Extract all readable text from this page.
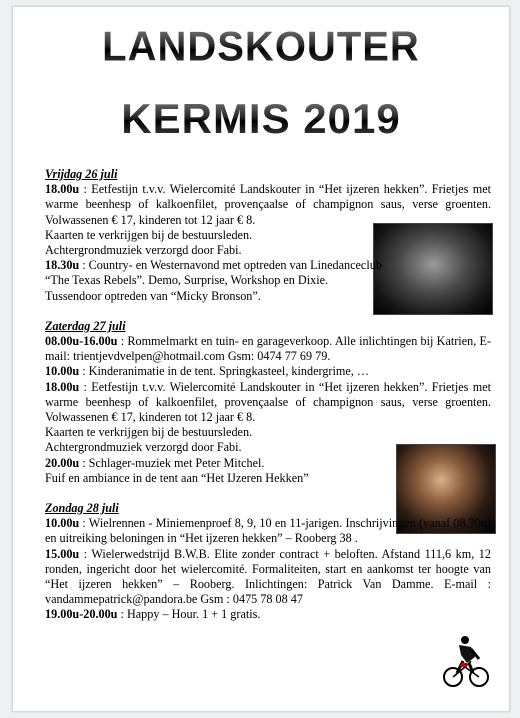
LANDSKOUTER
KERMIS 2019
Vrijdag 26 juli
18.00u : Eetfestijn t.v.v. Wielercomité Landskouter in “Het ijzeren hekken”. Frietjes met warme beenhesp of kalkoenfilet, provençaalse of champignon saus, verse groenten. Volwassenen € 17, kinderen tot 12 jaar € 8.
Kaarten te verkrijgen bij de bestuursleden.
Achtergrondmuziek verzorgd door Fabi.
18.30u : Country- en Westernavond met optreden van Linedanceclub “The Texas Rebels”. Demo, Surprise, Workshop en Dixie. Tussendoor optreden van “Micky Bronson”.
Zaterdag 27 juli
08.00u-16.00u : Rommelmarkt en tuin- en garageverkoop. Alle inlichtingen bij Katrien, E-mail: trientjevdvelpen@hotmail.com Gsm: 0474 77 69 79.
10.00u : Kinderanimatie in de tent. Springkasteel, kindergrime, …
18.00u : Eetfestijn t.v.v. Wielercomité Landskouter in “Het ijzeren hekken”. Frietjes met warme beenhesp of kalkoenfilet, provençaalse of champignon saus, verse groenten. Volwassenen € 17, kinderen tot 12 jaar € 8.
Kaarten te verkrijgen bij de bestuursleden.
Achtergrondmuziek verzorgd door Fabi.
20.00u : Schlager-muziek met Peter Mitchel.
Fuif en ambiance in de tent aan “Het IJzeren Hekken”
Zondag 28 juli
10.00u : Wielrennen - Miniemenproef 8, 9, 10 en 11-jarigen. Inschrijvingen (vanaf 08.30u) en uitreiking beloningen in “Het ijzeren hekken” – Rooberg 38 .
15.00u : Wielerwedstrijd B.W.B. Elite zonder contract + beloften. Afstand 111,6 km, 12 ronden, ingericht door het wielercomité. Formaliteiten, start en aankomst ter hoogte van “Het ijzeren hekken” – Rooberg. Inlichtingen: Patrick Van Damme. E-mail : vandammepatrick@pandora.be Gsm : 0475 78 08 47
19.00u-20.00u : Happy – Hour. 1 + 1 gratis.
